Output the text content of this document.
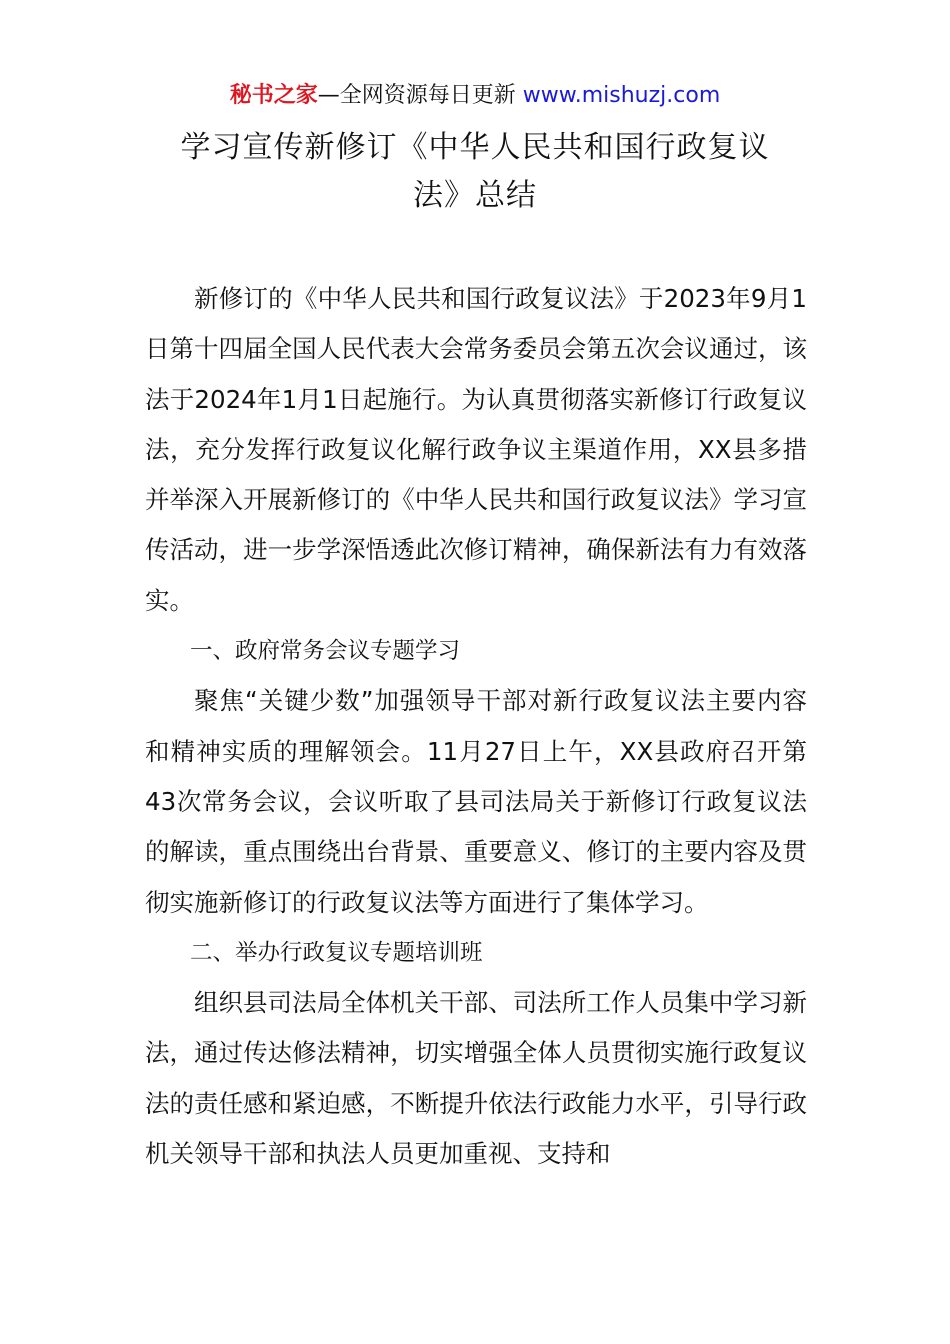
秘书之家—全网资源每日更新 www.mishuzj.com
学习宣传新修订《中华人民共和国行政复议
法》总结

新修订的《中华人民共和国行政复议法》于2023年9月1日第十四届全国人民代表大会常务委员会第五次会议通过，该法于2024年1月1日起施行。为认真贯彻落实新修订行政复议法，充分发挥行政复议化解行政争议主渠道作用，XX县多措并举深入开展新修订的《中华人民共和国行政复议法》学习宣传活动，进一步学深悟透此次修订精神，确保新法有力有效落实。

一、政府常务会议专题学习

聚焦“关键少数”加强领导干部对新行政复议法主要内容和精神实质的理解领会。11月27日上午，XX县政府召开第43次常务会议，会议听取了县司法局关于新修订行政复议法的解读，重点围绕出台背景、重要意义、修订的主要内容及贯彻实施新修订的行政复议法等方面进行了集体学习。

二、举办行政复议专题培训班

组织县司法局全体机关干部、司法所工作人员集中学习新法，通过传达修法精神，切实增强全体人员贯彻实施行政复议法的责任感和紧迫感，不断提升依法行政能力水平，引导行政机关领导干部和执法人员更加重视、支持和
